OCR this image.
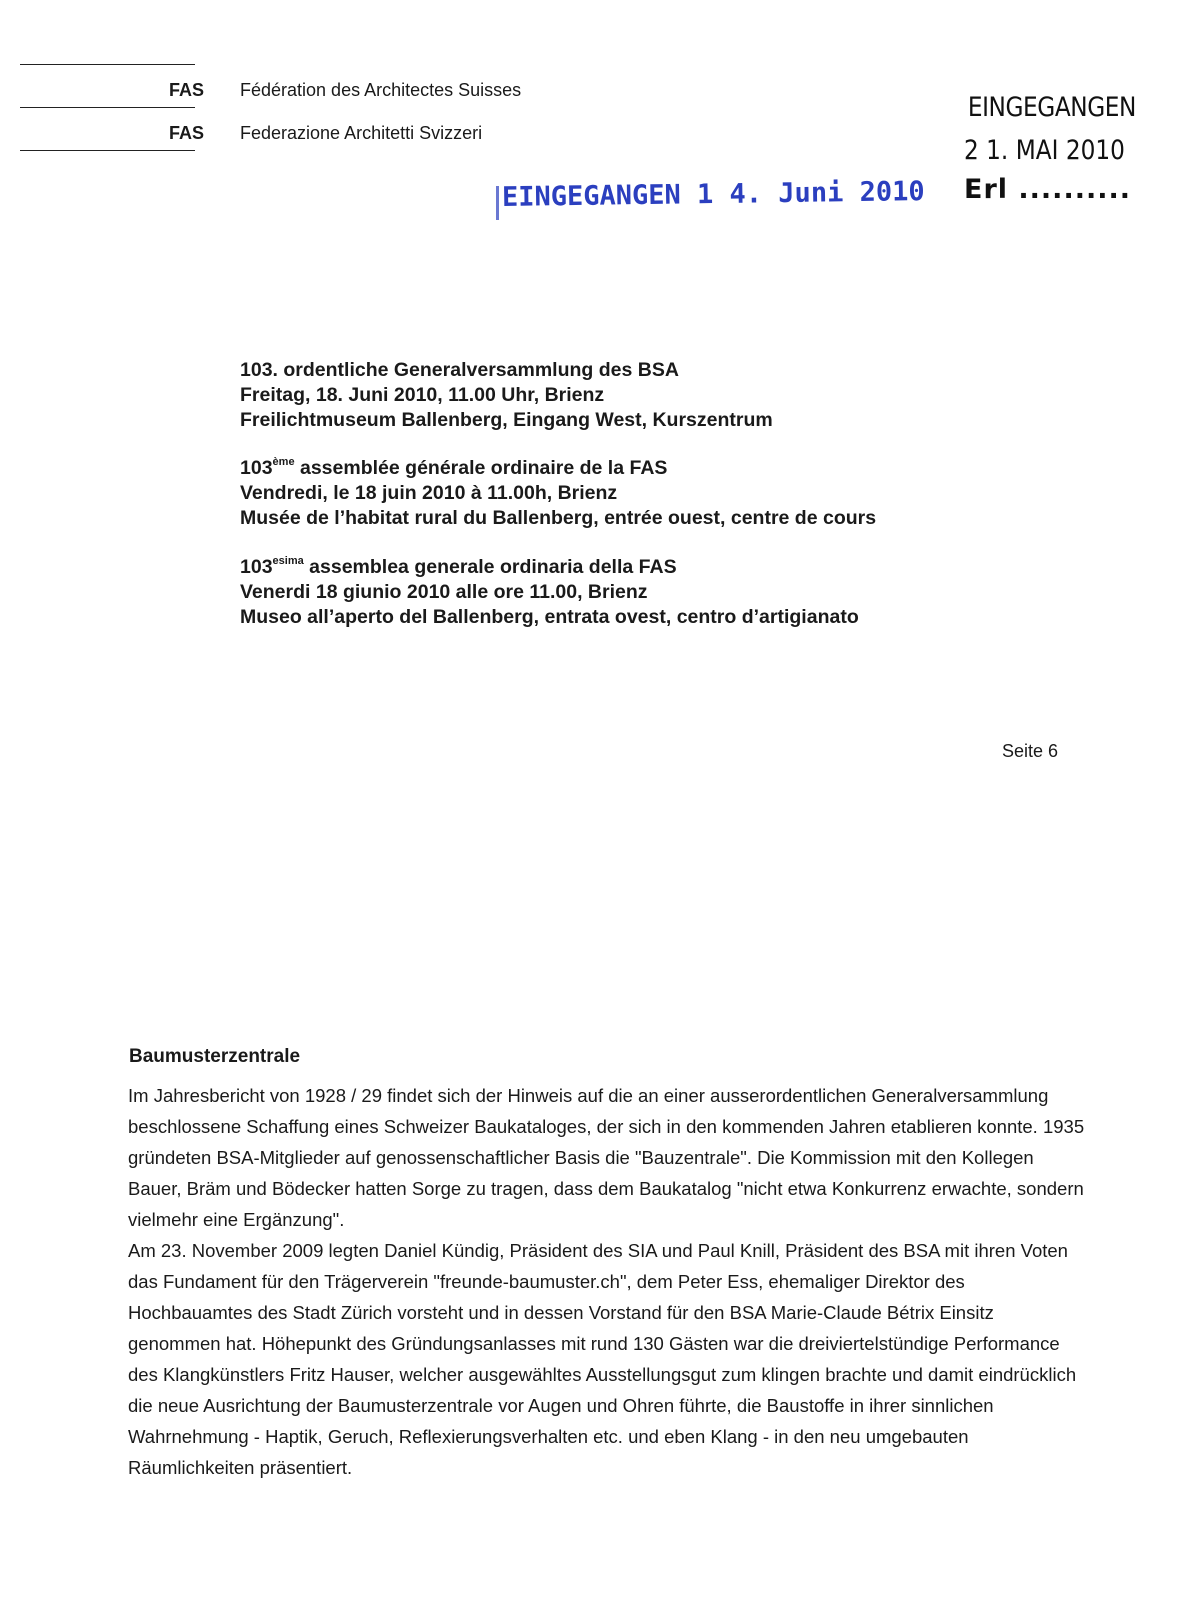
FAS Fédération des Architectes Suisses
FAS Federazione Architetti Svizzeri
EINGEGANGEN 1 4. Juni 2010
EINGEGANGEN
2 1. MAI 2010
Erl ..........
103. ordentliche Generalversammlung des BSA
Freitag, 18. Juni 2010, 11.00 Uhr, Brienz
Freilichtmuseum Ballenberg, Eingang West, Kurszentrum
103ème assemblée générale ordinaire de la FAS
Vendredi, le 18 juin 2010 à 11.00h, Brienz
Musée de l’habitat rural du Ballenberg, entrée ouest, centre de cours
$103^{esima}$ assemblea generale ordinaria della FAS
Venerdi 18 giunio 2010 alle ore 11.00, Brienz
Museo all’aperto del Ballenberg, entrata ovest, centro d’artigianato
Seite 6
Baumusterzentrale

Im Jahresbericht von 1928 / 29 findet sich der Hinweis auf die an einer ausserordentlichen Generalversammlung beschlossene Schaffung eines Schweizer Baukataloges, der sich in den kommenden Jahren etablieren konnte. 1935 gründeten BSA-Mitglieder auf genossenschaftlicher Basis die "Bauzentrale". Die Kommission mit den Kollegen Bauer, Bräm und Bödecker hatten Sorge zu tragen, dass dem Baukatalog "nicht etwa Konkurrenz erwachte, sondern vielmehr eine Ergänzung".

Am 23. November 2009 legten Daniel Kündig, Präsident des SIA und Paul Knill, Präsident des BSA mit ihren Voten das Fundament für den Trägerverein "freunde-baumuster.ch", dem Peter Ess, ehemaliger Direktor des Hochbauamtes des Stadt Zürich vorsteht und in dessen Vorstand für den BSA Marie-Claude Bétrix Einsitz genommen hat. Höhepunkt des Gründungsanlasses mit rund 130 Gästen war die dreiviertelstündige Performance des Klangkünstlers Fritz Hauser, welcher ausgewähltes Ausstellungsgut zum klingen brachte und damit eindrücklich die neue Ausrichtung der Baumusterzentrale vor Augen und Ohren führte, die Baustoffe in ihrer sinnlichen Wahrnehmung - Haptik, Geruch, Reflexierungsverhalten etc. und eben Klang - in den neu umgebauten Räumlichkeiten präsentiert.
